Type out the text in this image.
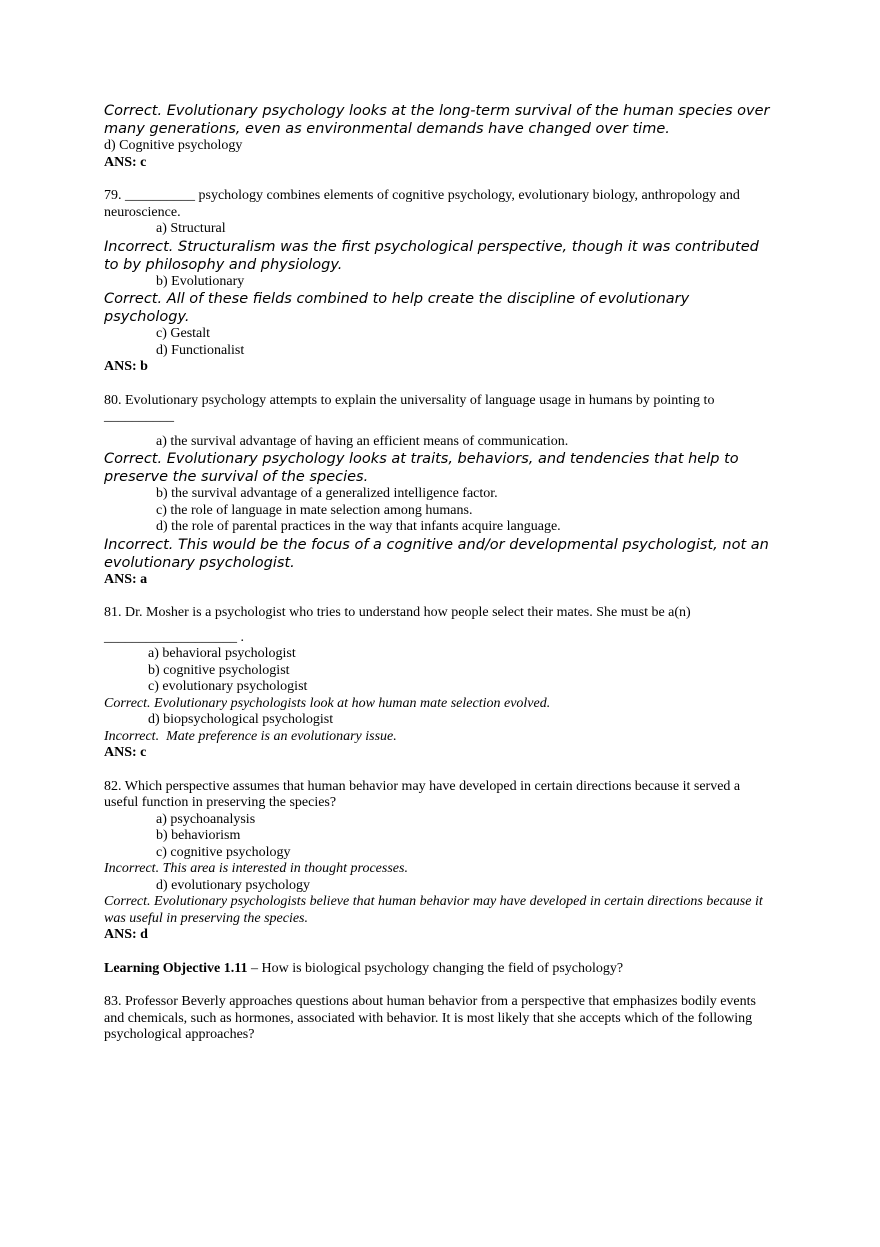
Correct. Evolutionary psychology looks at the long-term survival of the human species over many generations, even as environmental demands have changed over time.

d) Cognitive psychology

ANS: c

79. __________ psychology combines elements of cognitive psychology, evolutionary biology, anthropology and neuroscience.

a) Structural

Incorrect. Structuralism was the first psychological perspective, though it was contributed to by philosophy and physiology.

b) Evolutionary

Correct. All of these fields combined to help create the discipline of evolutionary psychology.

c) Gestalt

d) Functionalist

ANS: b

80. Evolutionary psychology attempts to explain the universality of language usage in humans by pointing to

__________

a) the survival advantage of having an efficient means of communication.

Correct. Evolutionary psychology looks at traits, behaviors, and tendencies that help to preserve the survival of the species.

b) the survival advantage of a generalized intelligence factor.

c) the role of language in mate selection among humans.

d) the role of parental practices in the way that infants acquire language.

Incorrect. This would be the focus of a cognitive and/or developmental psychologist, not an evolutionary psychologist.

ANS: a

81. Dr. Mosher is a psychologist who tries to understand how people select their mates. She must be a(n)

___________________ .

a) behavioral psychologist

b) cognitive psychologist

c) evolutionary psychologist

Correct. Evolutionary psychologists look at how human mate selection evolved.

d) biopsychological psychologist

Incorrect.  Mate preference is an evolutionary issue.

ANS: c

82. Which perspective assumes that human behavior may have developed in certain directions because it served a useful function in preserving the species?

a) psychoanalysis

b) behaviorism

c) cognitive psychology

Incorrect. This area is interested in thought processes.

d) evolutionary psychology

Correct. Evolutionary psychologists believe that human behavior may have developed in certain directions because it was useful in preserving the species.

ANS: d

Learning Objective 1.11 – How is biological psychology changing the field of psychology?

83. Professor Beverly approaches questions about human behavior from a perspective that emphasizes bodily events and chemicals, such as hormones, associated with behavior. It is most likely that she accepts which of the following psychological approaches?
